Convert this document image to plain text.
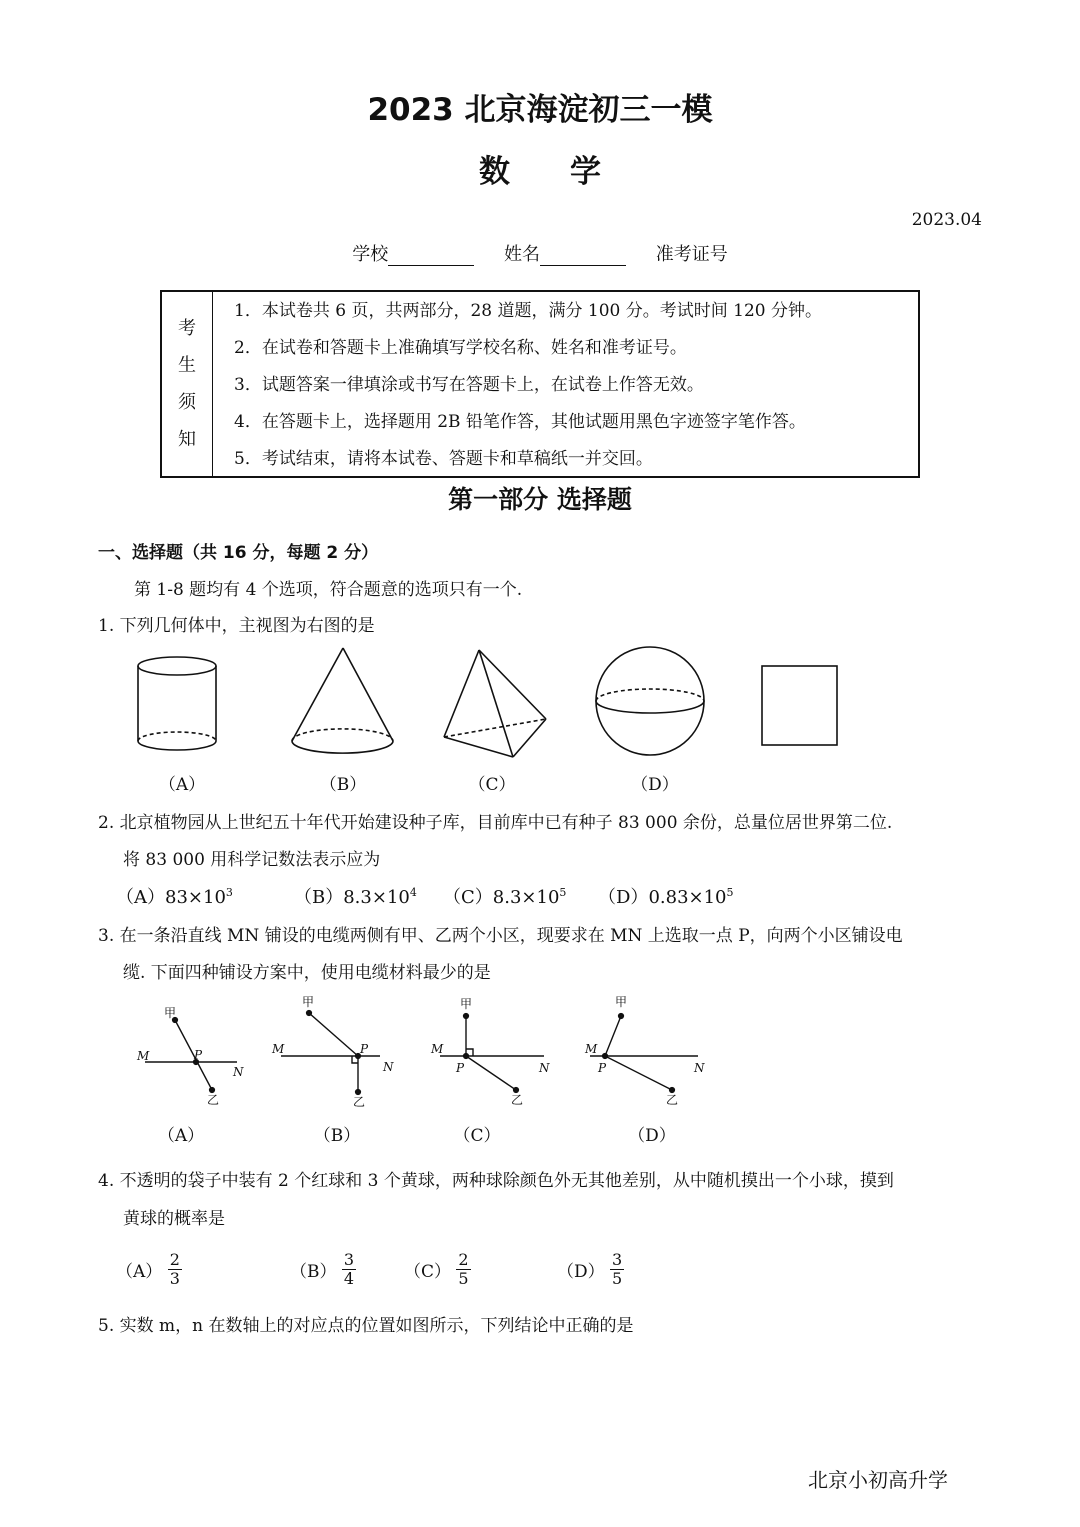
2023 北京海淀初三一模
数学
2023.04
学校	姓名	准考证号
考
生
须
知
1．本试卷共 6 页，共两部分，28 道题，满分 100 分。考试时间 120 分钟。
2．在试卷和答题卡上准确填写学校名称、姓名和准考证号。
3．试题答案一律填涂或书写在答题卡上，在试卷上作答无效。
4．在答题卡上，选择题用 2B 铅笔作答，其他试题用黑色字迹签字笔作答。
5．考试结束，请将本试卷、答题卡和草稿纸一并交回。
第一部分 选择题
一、选择题（共 16 分，每题 2 分）
第 1-8 题均有 4 个选项，符合题意的选项只有一个.
1. 下列几何体中，主视图为右图的是
（A）	（B）	（C）	（D）
2. 北京植物园从上世纪五十年代开始建设种子库，目前库中已有种子 83 000 余份，总量位居世界第二位.
将 83 000 用科学记数法表示应为
$(A)83\times 10^3$	$(B)8.3\times 10^4$ $(C)8.3\times 10^5$ $(D)0.83\times 10^5$
3. 在一条沿直线 MN 铺设的电缆两侧有甲、乙两个小区，现要求在 MN 上选取一点 P，向两个小区铺设电
缆. 下面四种铺设方案中，使用电缆材料最少的是
甲
M	P
N
乙
甲
M	P
N
乙
甲
M
P	N
乙
甲
M
P	N
乙
（A）	（B）	（C）	（D）
4. 不透明的袋子中装有 2 个红球和 3 个黄球，两种球除颜色外无其他差别，从中随机摸出一个小球，摸到
黄球的概率是
$(A) \frac{2}{3}$	$(B) \frac{3}{4}$	$(C) \frac{2}{5}$	$(D) \frac{3}{5}$
5. 实数 m，n 在数轴上的对应点的位置如图所示，下列结论中正确的是
北京小初高升学
